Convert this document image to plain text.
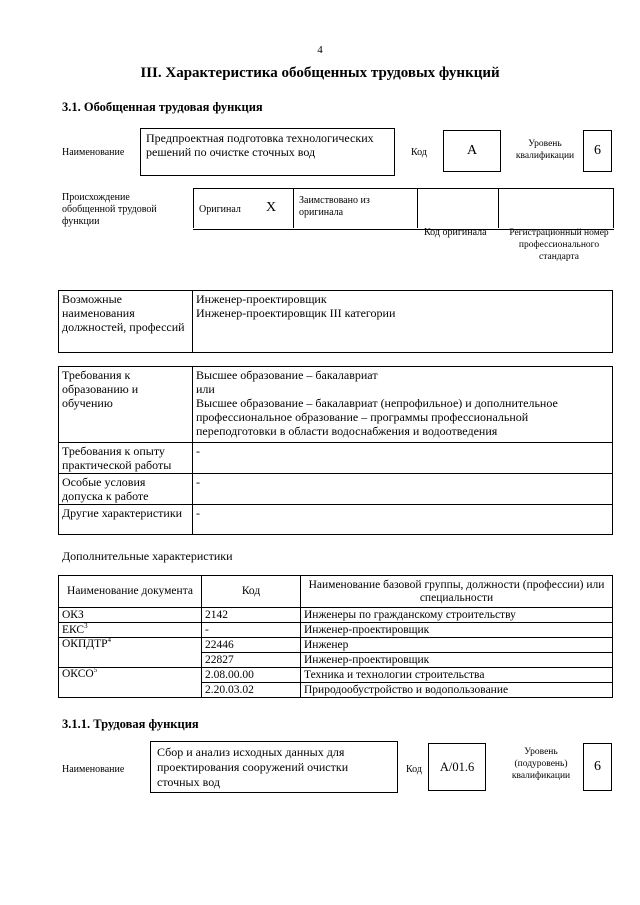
4
III. Характеристика обобщенных трудовых функций
3.1. Обобщенная трудовая функция
Наименование
Предпроектная подготовка технологических решений по очистке сточных вод	Код	А	Уровень квалификации	6
Происхождение обобщенной трудовой функции
Оригинал Х Заимствовано из оригинала
Код оригинала	Регистрационный номер профессионального стандарта
Возможные наименования должностей, профессий	
Инженер-проектировщик
Инженер-проектировщик III категории
Требования к образованию и обучению	Высшее образование – бакалавриат
или
Высшее образование – бакалавриат (непрофильное) и дополнительное профессиональное образование – программы профессиональной переподготовки в области водоснабжения и водоотведения

Требования к опыту практической работы	-
Особые условия допуска к работе	-
Другие характеристики	-
Дополнительные характеристики
Наименование документа	Код	Наименование базовой группы, должности (профессии) или специальности
ОКЗ	2142	Инженеры по гражданскому строительству
ЕКС$^3$	-	Инженер-проектировщик
ОКПДТР$^4$	22446	Инженер
	22827	Инженер-проектировщик
ОКСО$^5$	2.08.00.00	Техника и технологии строительства
	2.20.03.02	Природообустройство и водопользование
3.1.1. Трудовая функция
Наименование
Сбор и анализ исходных данных для проектирования сооружений очистки сточных вод
Код	А/01.6
Уровень (подуровень) квалификации
6
